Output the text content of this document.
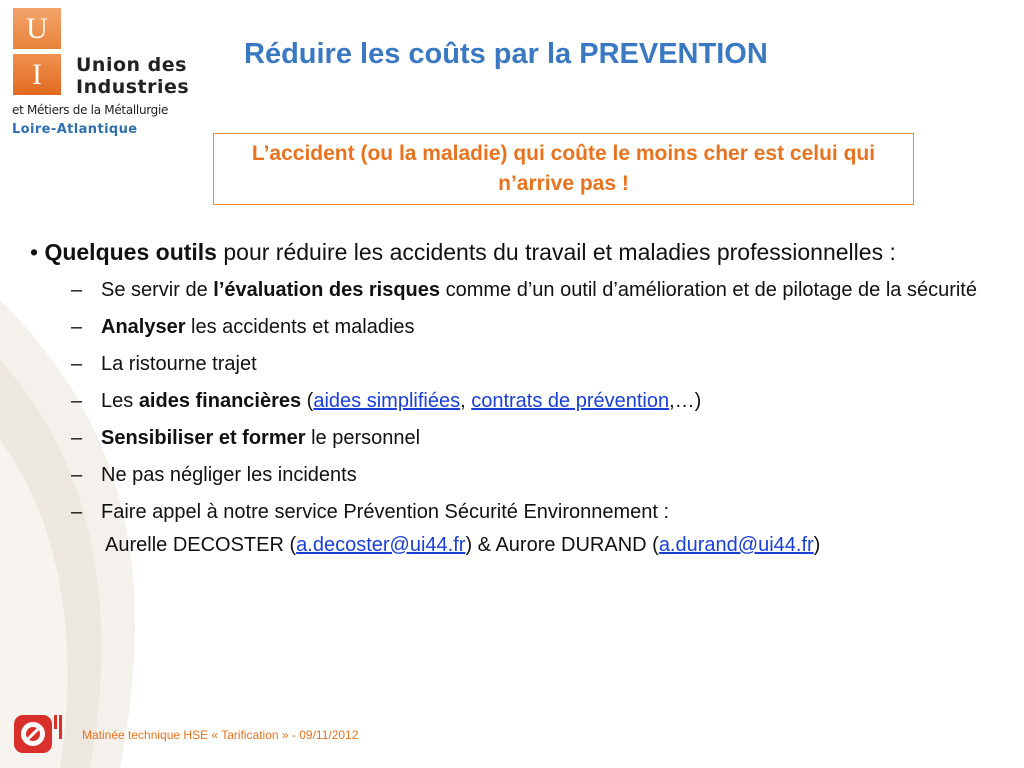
U
I	Union des
Industries
et Métiers de la Métallurgie
Loire-Atlantique
Réduire les coûts par la PREVENTION
L’accident (ou la maladie) qui coûte le moins cher est celui qui n’arrive pas !

• Quelques outils pour réduire les accidents du travail et maladies professionnelles :

– Se servir de l’évaluation des risques comme d’un outil d’amélioration et de pilotage de la sécurité
– Analyser les accidents et maladies
– La ristourne trajet
– Les aides financières (aides simplifiées, contrats de prévention,…)
– Sensibiliser et former le personnel
– Ne pas négliger les incidents
– Faire appel à notre service Prévention Sécurité Environnement :
Aurelle DECOSTER (a.decoster@ui44.fr) & Aurore DURAND (a.durand@ui44.fr)
Matinée technique HSE « Tarification » - 09/11/2012
